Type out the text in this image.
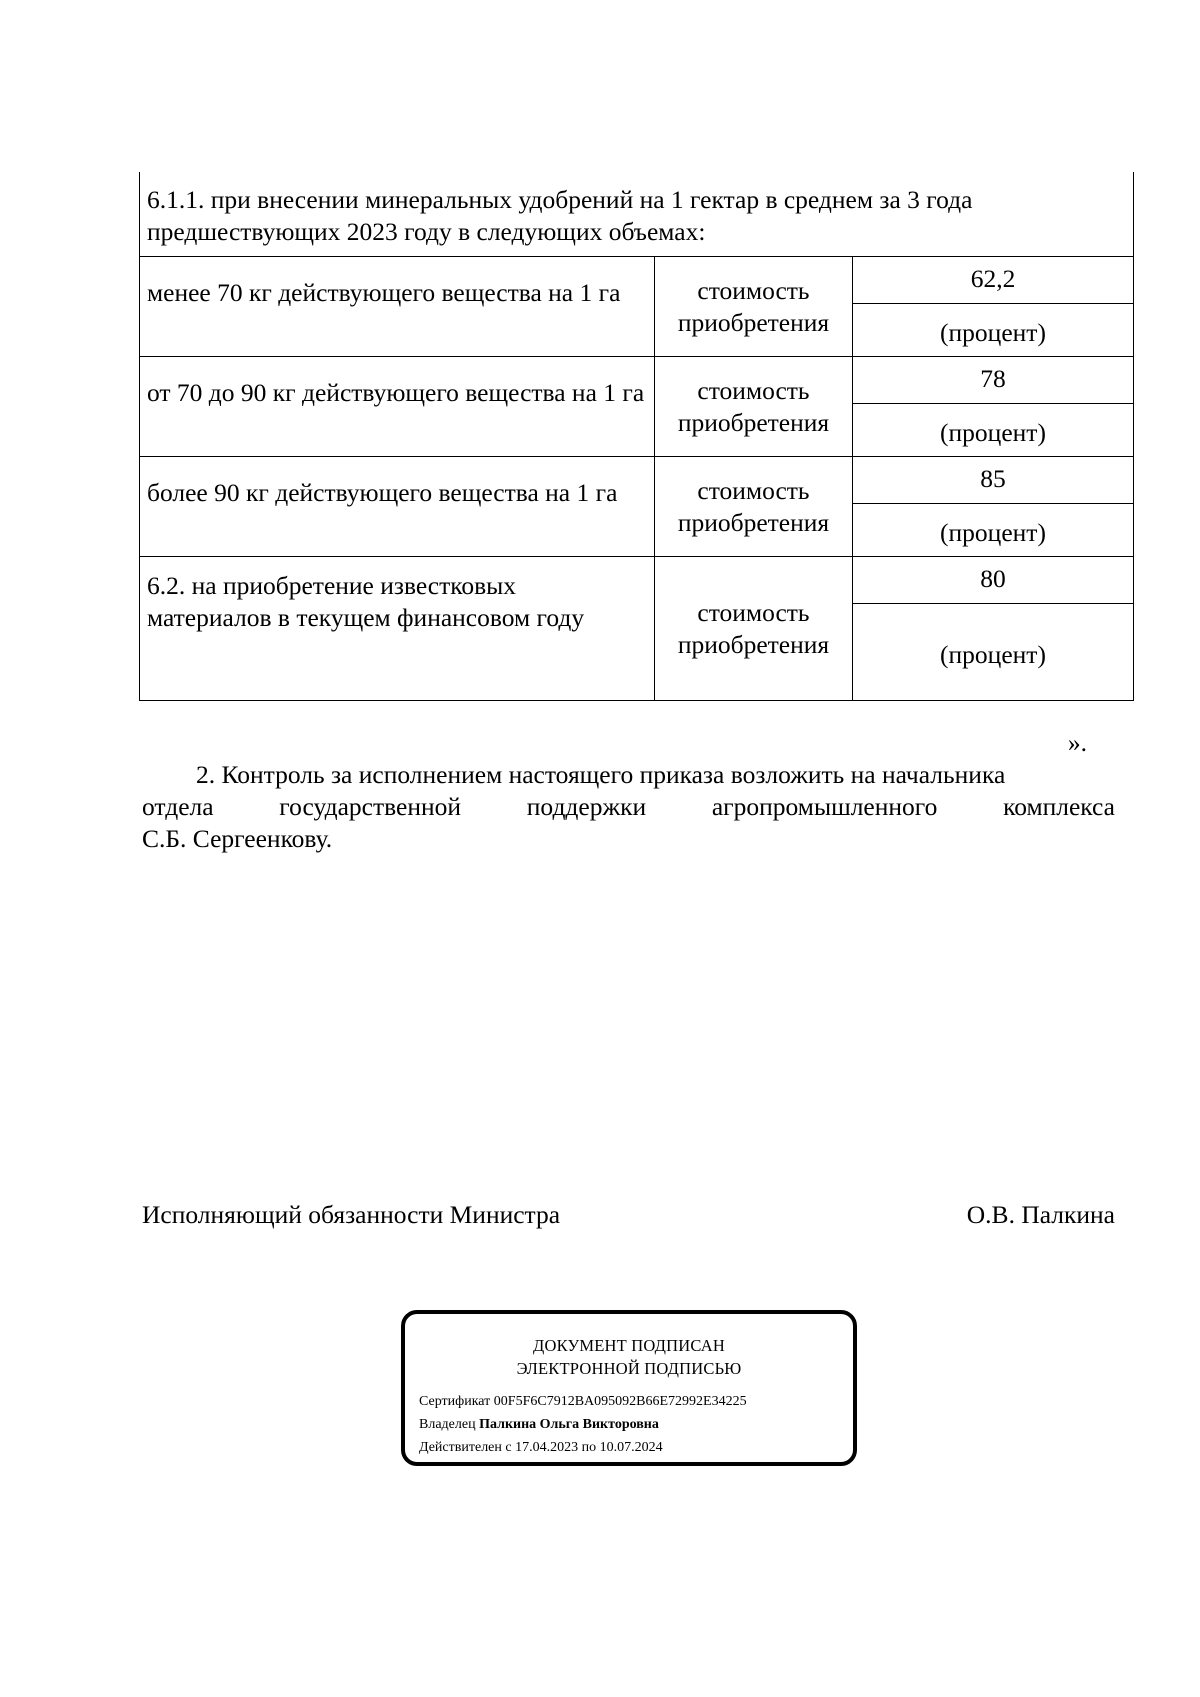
6.1.1. при внесении минеральных удобрений на 1 гектар в среднем за 3 года предшествующих 2023 году в следующих объемах:		
менее 70 кг действующего вещества на 1 га	стоимость приобретения	62,2
		(процент)
от 70 до 90 кг действующего вещества на 1 га	стоимость приобретения	78
		(процент)
более 90 кг действующего вещества на 1 га	стоимость приобретения	85
		(процент)
6.2. на приобретение известковых материалов в текущем финансовом году	стоимость приобретения	80
		(процент)
».
2. Контроль за исполнением настоящего приказа возложить на начальника
отдела государственной поддержки агропромышленного комплекса
С.Б. Сергеенкову.
Исполняющий обязанности Министра	О.В. Палкина
ДОКУМЕНТ ПОДПИСАН
ЭЛЕКТРОННОЙ ПОДПИСЬЮ
Сертификат 00F5F6C7912BA095092B66E72992E34225
Владелец Палкина Ольга Викторовна
Действителен с 17.04.2023 по 10.07.2024
